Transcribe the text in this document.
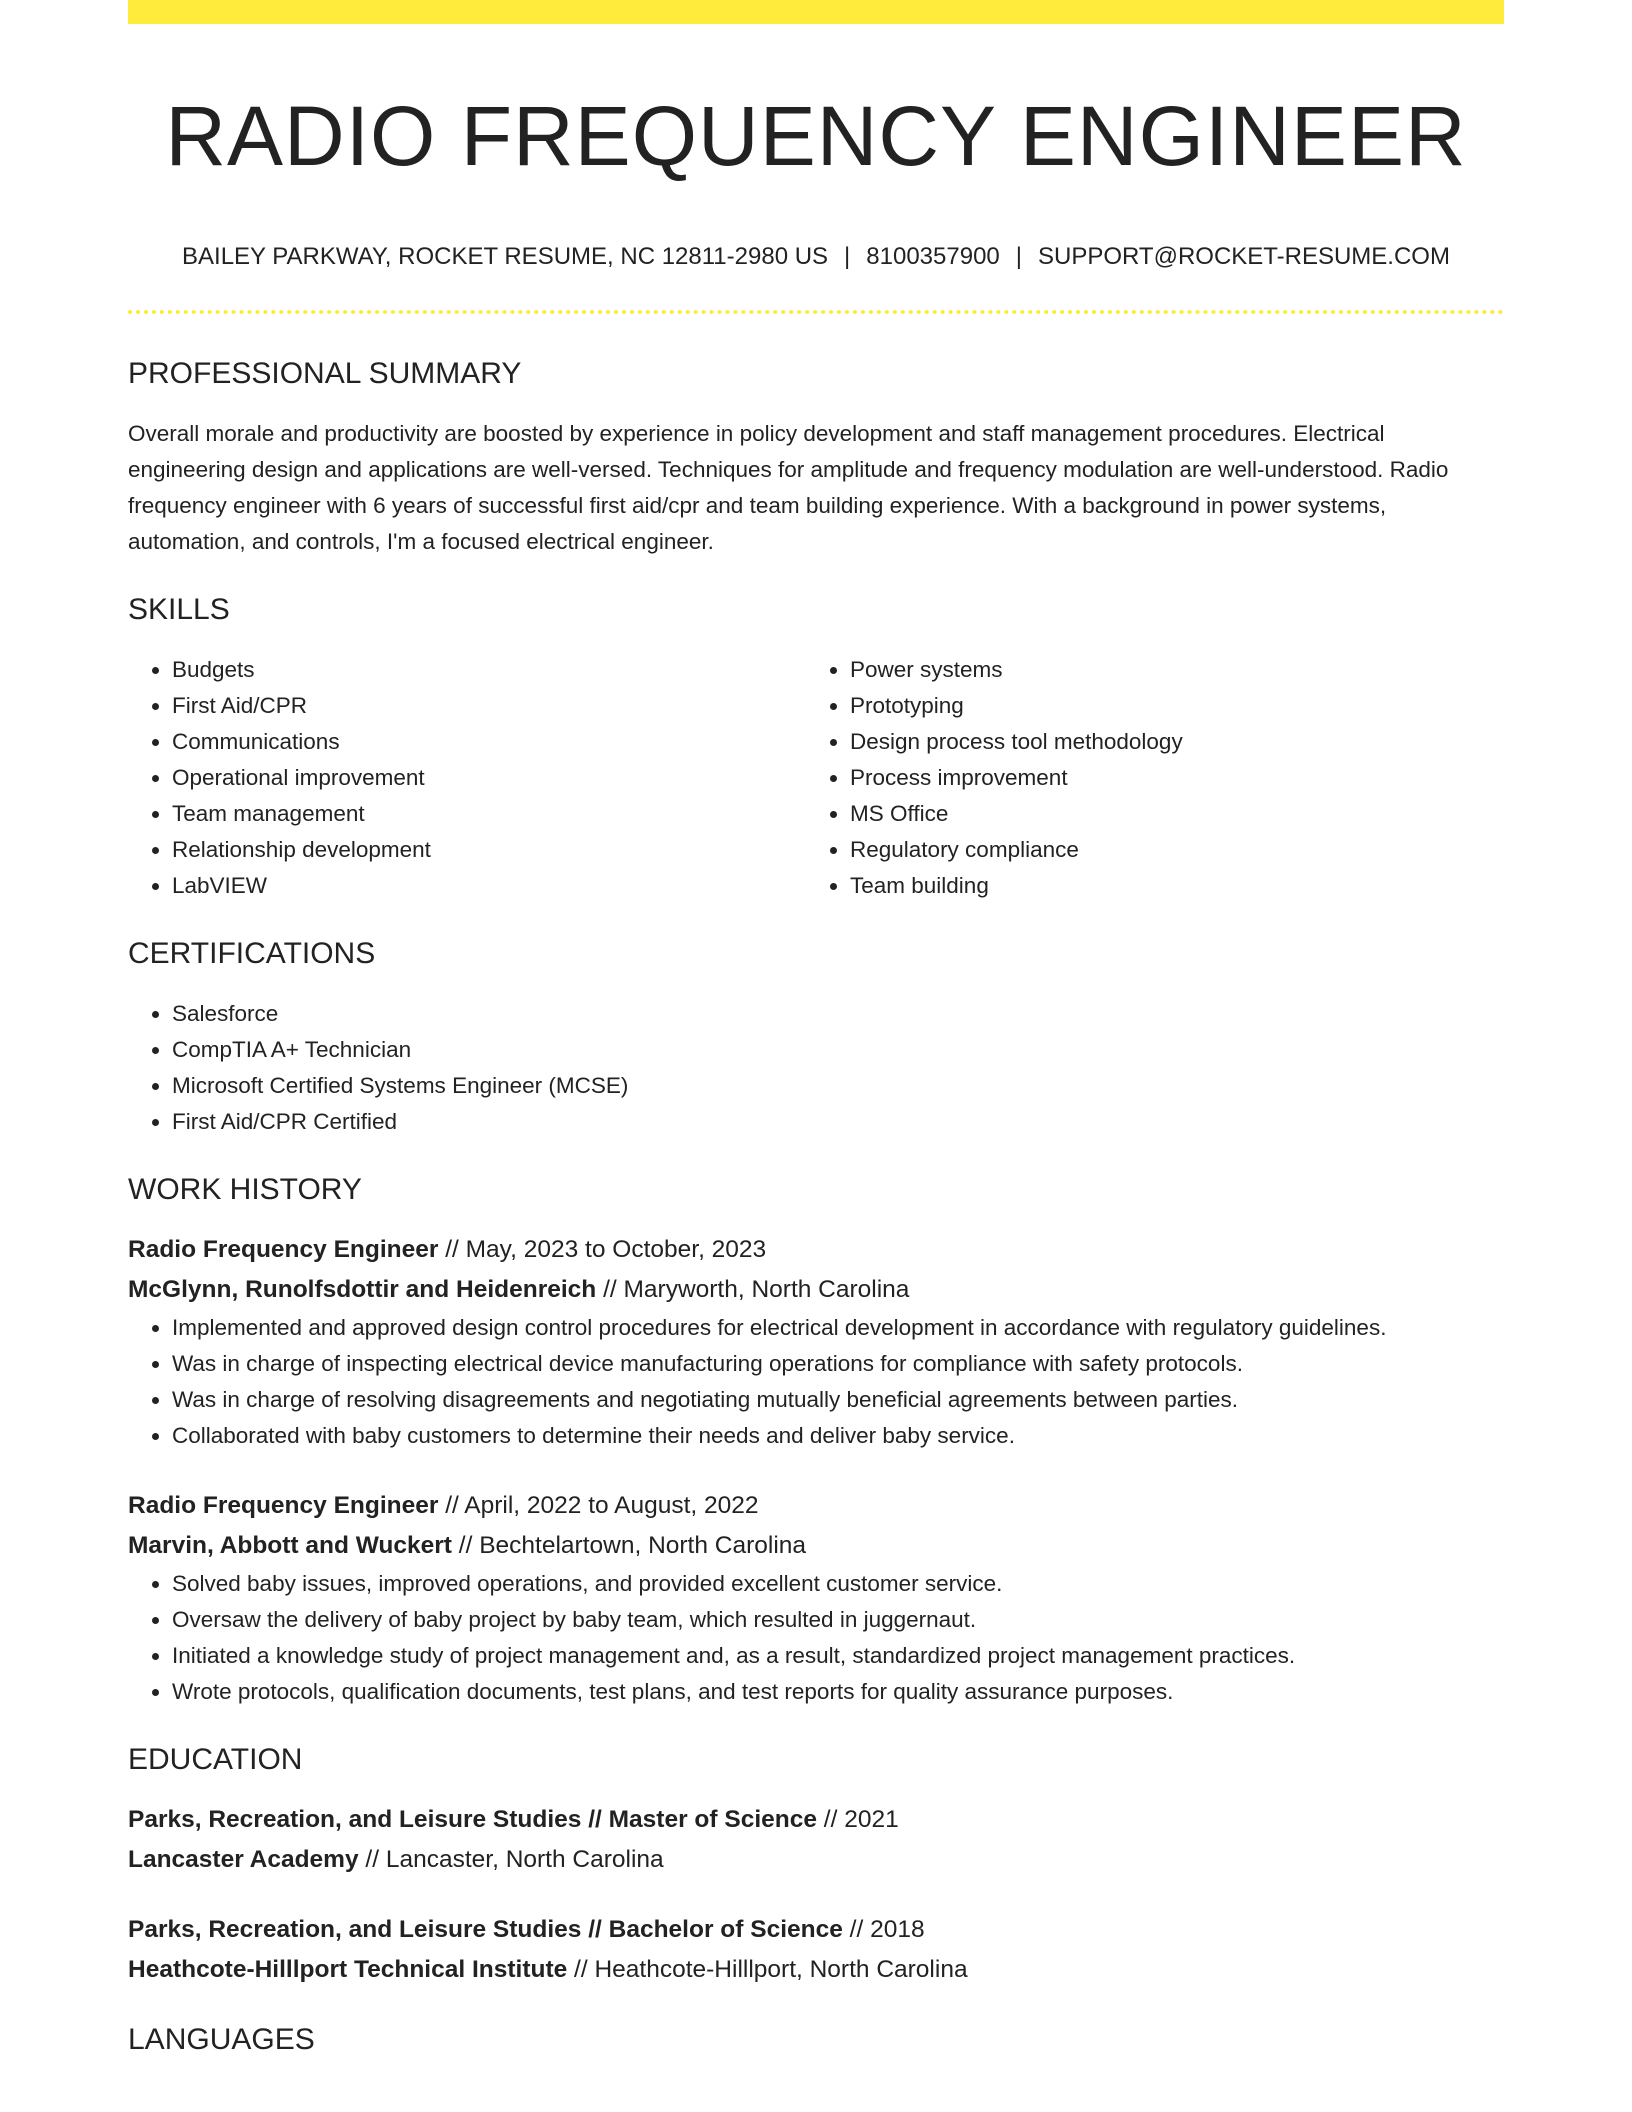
RADIO FREQUENCY ENGINEER
BAILEY PARKWAY, ROCKET RESUME, NC 12811-2980 US | 8100357900 | SUPPORT@ROCKET-RESUME.COM
PROFESSIONAL SUMMARY
Overall morale and productivity are boosted by experience in policy development and staff management procedures. Electrical engineering design and applications are well-versed. Techniques for amplitude and frequency modulation are well-understood. Radio frequency engineer with 6 years of successful first aid/cpr and team building experience. With a background in power systems, automation, and controls, I'm a focused electrical engineer.
SKILLS
• Budgets
• First Aid/CPR
• Communications
• Operational improvement
• Team management
• Relationship development
• LabVIEW
• Power systems
• Prototyping
• Design process tool methodology
• Process improvement
• MS Office
• Regulatory compliance
• Team building
CERTIFICATIONS
• Salesforce
• CompTIA A+ Technician
• Microsoft Certified Systems Engineer (MCSE)
• First Aid/CPR Certified
WORK HISTORY
Radio Frequency Engineer // May, 2023 to October, 2023
McGlynn, Runolfsdottir and Heidenreich // Maryworth, North Carolina
• Implemented and approved design control procedures for electrical development in accordance with regulatory guidelines.
• Was in charge of inspecting electrical device manufacturing operations for compliance with safety protocols.
• Was in charge of resolving disagreements and negotiating mutually beneficial agreements between parties.
• Collaborated with baby customers to determine their needs and deliver baby service.
Radio Frequency Engineer // April, 2022 to August, 2022
Marvin, Abbott and Wuckert // Bechtelartown, North Carolina
• Solved baby issues, improved operations, and provided excellent customer service.
• Oversaw the delivery of baby project by baby team, which resulted in juggernaut.
• Initiated a knowledge study of project management and, as a result, standardized project management practices.
• Wrote protocols, qualification documents, test plans, and test reports for quality assurance purposes.
EDUCATION
Parks, Recreation, and Leisure Studies // Master of Science // 2021
Lancaster Academy // Lancaster, North Carolina
Parks, Recreation, and Leisure Studies // Bachelor of Science // 2018
Heathcote-Hilllport Technical Institute // Heathcote-Hilllport, North Carolina
LANGUAGES
